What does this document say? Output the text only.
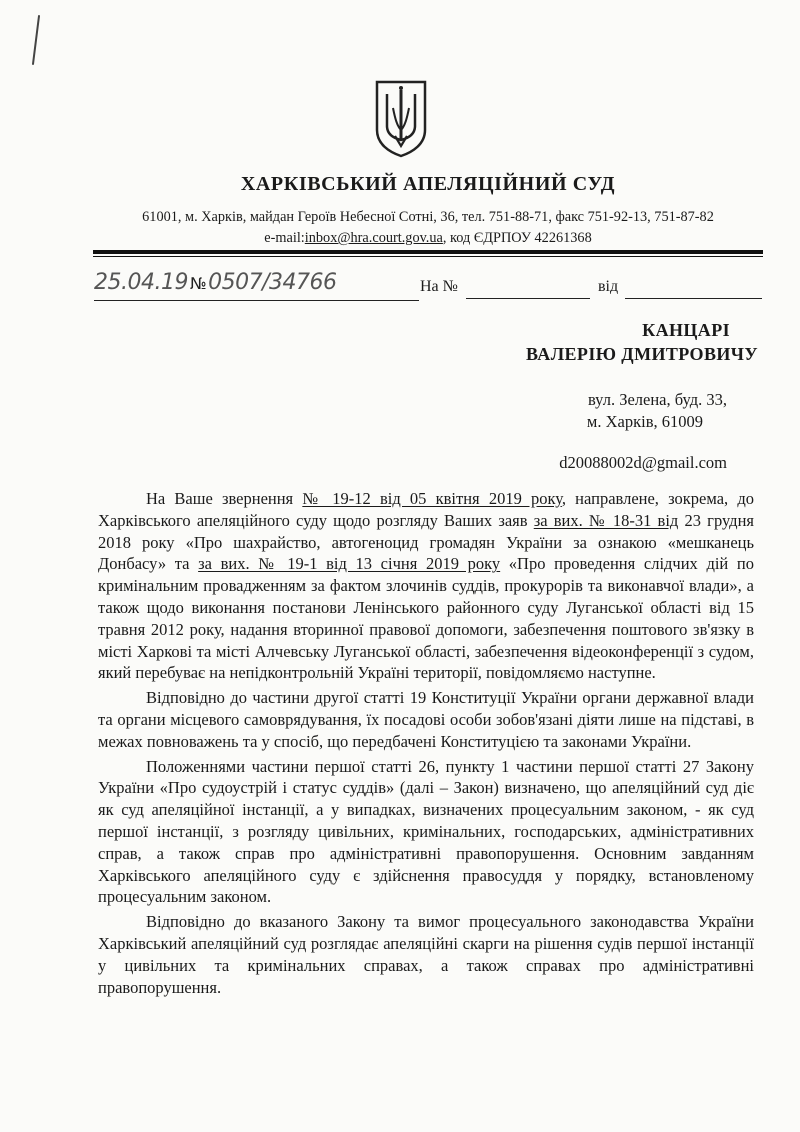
ХАРКІВСЬКИЙ АПЕЛЯЦІЙНИЙ СУД
61001, м. Харків, майдан Героїв Небесної Сотні, 36, тел. 751-88-71, факс 751-92-13, 751-87-82
e-mail:inbox@hra.court.gov.ua, код ЄДРПОУ 42261368
25.04.19 №0507/34766	На №	від
КАНЦАРІ
ВАЛЕРІЮ ДМИТРОВИЧУ
вул. Зелена, буд. 33,
м. Харків, 61009
d20088002d@gmail.com

На Ваше звернення № 19-12 від 05 квітня 2019 року, направлене, зокрема, до Харківського апеляційного суду щодо розгляду Ваших заяв за вих. № 18-31 від 23 грудня 2018 року «Про шахрайство, автогеноцид громадян України за ознакою «мешканець Донбасу» та за вих. № 19-1 від 13 січня 2019 року «Про проведення слідчих дій по кримінальним провадженням за фактом злочинів суддів, прокурорів та виконавчої влади», а також щодо виконання постанови Ленінського районного суду Луганської області від 15 травня 2012 року, надання вторинної правової допомоги, забезпечення поштового зв'язку в місті Харкові та місті Алчевську Луганської області, забезпечення відеоконференції з судом, який перебуває на непідконтрольній Україні території, повідомляємо наступне.

Відповідно до частини другої статті 19 Конституції України органи державної влади та органи місцевого самоврядування, їх посадові особи зобов'язані діяти лише на підставі, в межах повноважень та у спосіб, що передбачені Конституцією та законами України.

Положеннями частини першої статті 26, пункту 1 частини першої статті 27 Закону України «Про судоустрій і статус суддів» (далі – Закон) визначено, що апеляційний суд діє як суд апеляційної інстанції, а у випадках, визначених процесуальним законом, - як суд першої інстанції, з розгляду цивільних, кримінальних, господарських, адміністративних справ, а також справ про адміністративні правопорушення. Основним завданням Харківського апеляційного суду є здійснення правосуддя у порядку, встановленому процесуальним законом.

Відповідно до вказаного Закону та вимог процесуального законодавства України Харківський апеляційний суд розглядає апеляційні скарги на рішення судів першої інстанції у цивільних та кримінальних справах, а також справах про адміністративні правопорушення.
